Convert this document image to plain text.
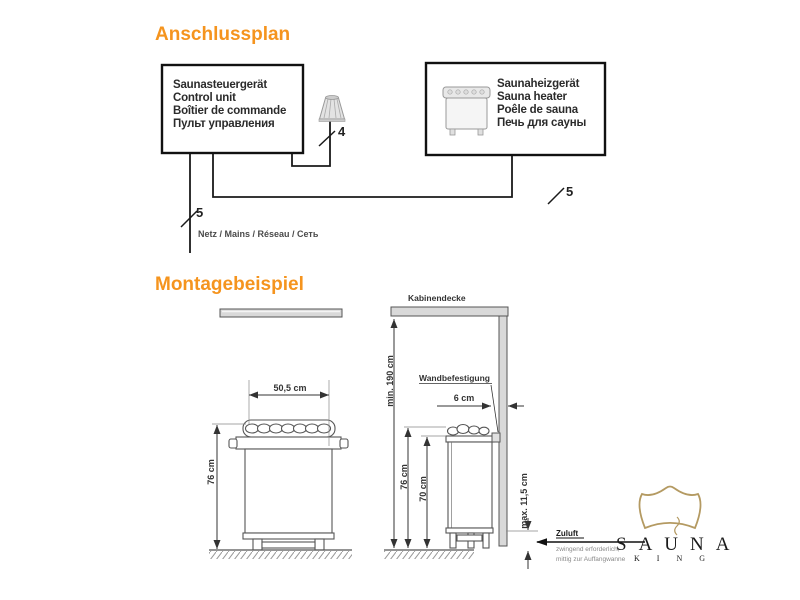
Anschlussplan
4
5
5
Netz / Mains / Réseau / Сеть
Saunasteuergerät
Control unit
Boîtier de commande
Пульт управления
Saunaheizgerät
Sauna heater
Poêle de sauna
Печь для сауны
Montagebeispiel
50,5 cm
76 cm
Kabinendecke
Wandbefestigung
6 cm
min. 190 cm
76 cm 70 cm	max. 11,5 cm
Zuluft
zwingend erforderlich,
mittig zur Auffangwanne
SAUNA
KING
